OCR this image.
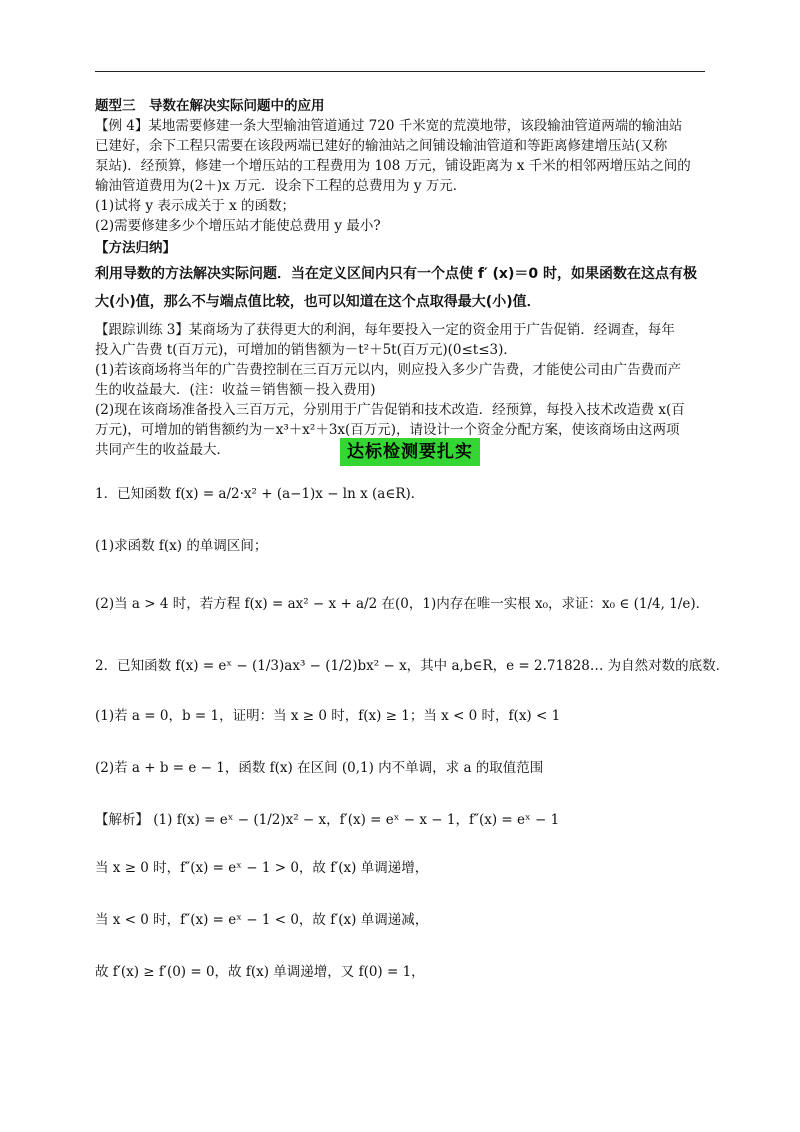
题型三　导数在解决实际问题中的应用
【例 4】某地需要修建一条大型输油管道通过 720 千米宽的荒漠地带，该段输油管道两端的输油站
已建好，余下工程只需要在该段两端已建好的输油站之间铺设输油管道和等距离修建增压站(又称
泵站)．经预算，修建一个增压站的工程费用为 108 万元，铺设距离为 x 千米的相邻两增压站之间的
输油管道费用为(2＋)x 万元．设余下工程的总费用为 y 万元．
(1)试将 y 表示成关于 x 的函数；
(2)需要修建多少个增压站才能使总费用 y 最小?
【方法归纳】
利用导数的方法解决实际问题．当在定义区间内只有一个点使 f′ (x)＝0 时，如果函数在这点有极
大(小)值，那么不与端点值比较，也可以知道在这个点取得最大(小)值．
【跟踪训练 3】某商场为了获得更大的利润，每年要投入一定的资金用于广告促销．经调查，每年
投入广告费 t(百万元)，可增加的销售额为－t²＋5t(百万元)(0≤t≤3)．
(1)若该商场将当年的广告费控制在三百万元以内，则应投入多少广告费，才能使公司由广告费而产
生的收益最大．(注：收益＝销售额－投入费用)
(2)现在该商场准备投入三百万元，分别用于广告促销和技术改造．经预算，每投入技术改造费 x(百
万元)，可增加的销售额约为－x³＋x²＋3x(百万元)，请设计一个资金分配方案，使该商场由这两项
共同产生的收益最大．	达标检测要扎实
1．已知函数 f(x) = a/2·x² + (a−1)x − ln x (a∈R)．
(1)求函数 f(x) 的单调区间；
(2)当 a > 4 时，若方程 f(x) = ax² − x + a/2 在(0，1)内存在唯一实根 x₀，求证：x₀ ∈ (1/4, 1/e)．
2．已知函数 f(x) = eˣ − (1/3)ax³ − (1/2)bx² − x，其中 a,b∈R，e = 2.71828… 为自然对数的底数．
(1)若 a = 0，b = 1，证明：当 x ≥ 0 时，f(x) ≥ 1；当 x < 0 时，f(x) < 1
(2)若 a + b = e − 1，函数 f(x) 在区间 (0,1) 内不单调，求 a 的取值范围
【解析】 (1) f(x) = eˣ − (1/2)x² − x，f′(x) = eˣ − x − 1，f″(x) = eˣ − 1
当 x ≥ 0 时，f″(x) = eˣ − 1 > 0，故 f′(x) 单调递增，
当 x < 0 时，f″(x) = eˣ − 1 < 0，故 f′(x) 单调递减，
故 f′(x) ≥ f′(0) = 0，故 f(x) 单调递增，又 f(0) = 1，
